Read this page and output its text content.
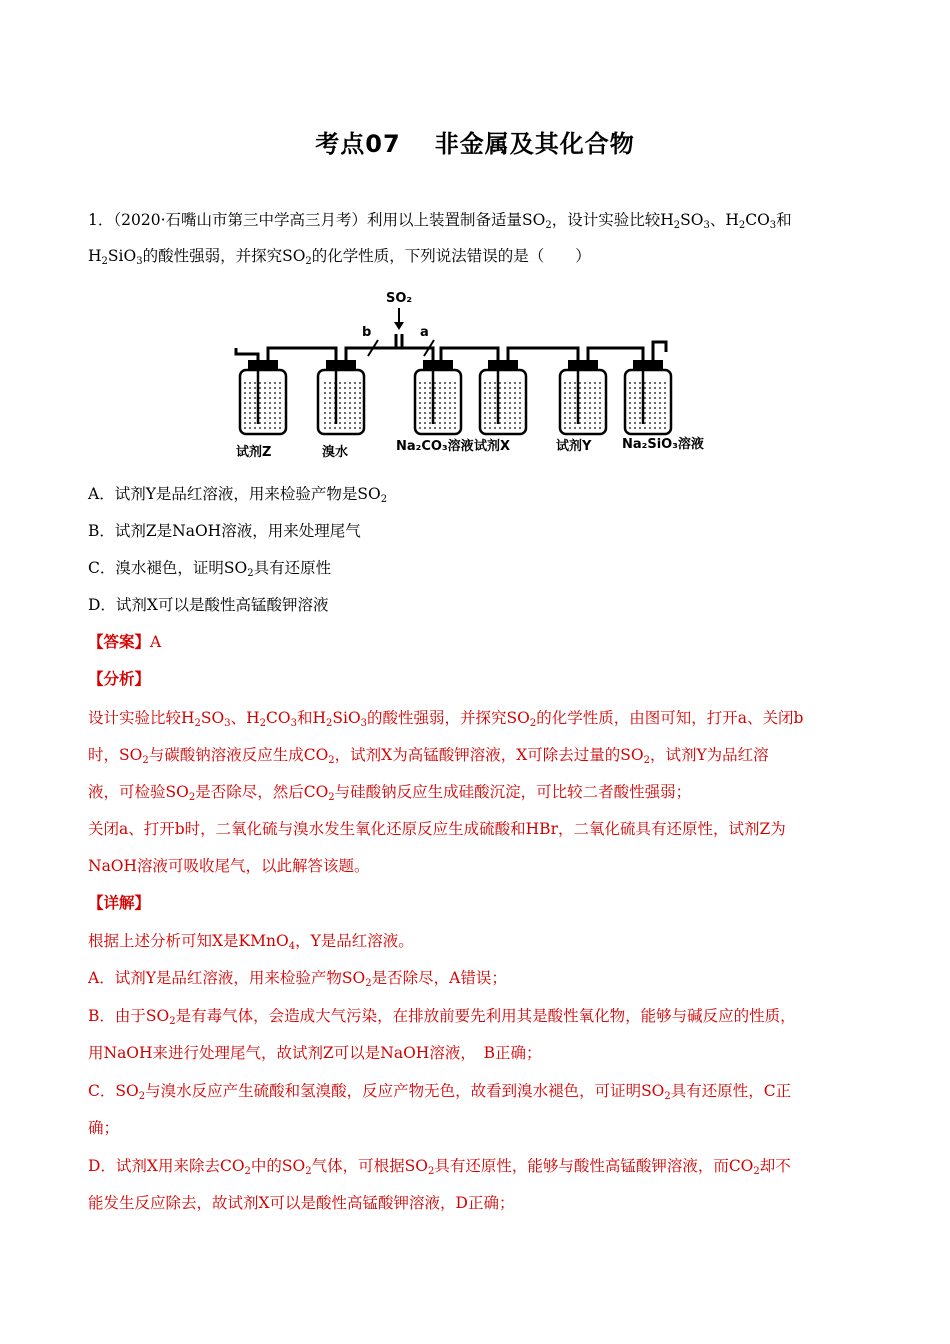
考点07 非金属及其化合物
1．（2020·石嘴山市第三中学高三月考）利用以上装置制备适量$SO_2$，设计实验比较$H_2SO_3$、$H_2CO_3$和
$H_2SiO_3$的酸性强弱，并探究$SO_2$的化学性质，下列说法错误的是（　　）
SO₂
b	a
试剂Z	溴水	Na₂CO₃溶液 试剂X	试剂Y Na₂SiO₃溶液
A．试剂Y是品红溶液，用来检验产物是$SO_2$
B．试剂Z是NaOH溶液，用来处理尾气
C．溴水褪色，证明$SO_2$具有还原性
D．试剂X可以是酸性高锰酸钾溶液
【答案】A
【分析】
设计实验比较$H_2SO_3$、$H_2CO_3$和$H_2SiO_3$的酸性强弱，并探究$SO_2$的化学性质，由图可知，打开a、关闭b
时，$SO_2$与碳酸钠溶液反应生成$CO_2$，试剂X为高锰酸钾溶液，X可除去过量的$SO_2$，试剂Y为品红溶
液，可检验$SO_2$是否除尽，然后$CO_2$与硅酸钠反应生成硅酸沉淀，可比较二者酸性强弱；
关闭a、打开b时，二氧化硫与溴水发生氧化还原反应生成硫酸和HBr，二氧化硫具有还原性，试剂Z为
NaOH溶液可吸收尾气，以此解答该题。
【详解】
根据上述分析可知X是KMnO$_4$，Y是品红溶液。
A．试剂Y是品红溶液，用来检验产物$SO_2$是否除尽，A错误；
B．由于$SO_2$是有毒气体，会造成大气污染，在排放前要先利用其是酸性氧化物，能够与碱反应的性质，
用NaOH来进行处理尾气，故试剂Z可以是NaOH溶液，　B正确；
C．$SO_2$与溴水反应产生硫酸和氢溴酸，反应产物无色，故看到溴水褪色，可证明$SO_2$具有还原性，C正
确；
D．试剂X用来除去$CO_2$中的$SO_2$气体，可根据$SO_2$具有还原性，能够与酸性高锰酸钾溶液，而$CO_2$却不
能发生反应除去，故试剂X可以是酸性高锰酸钾溶液，D正确；
